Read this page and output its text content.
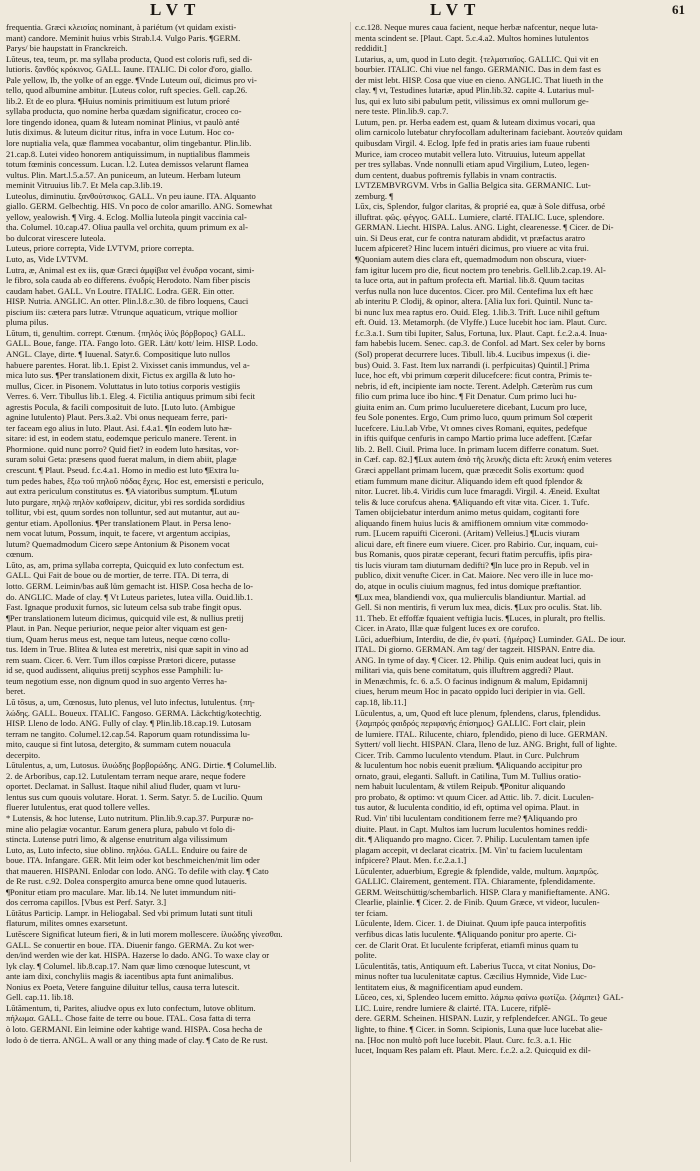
LVT	LVT	61
frequentia. Græci κλεισίας nominant, à pariétum (vt quidam existi-
mant) candore. Meminit huius vrbis Strab.l.4. Vulgo Paris. ¶GERM.
Parys/ bie haupstatt in Franckreich.
Lŭteus, tea, teum, pr. ma syllaba producta, Quod est coloris rufi, sed di-
lutioris. ξανθός κρόκινος. GALL. Iaune. ITALIC. Di color d'oro, giallo.
Pale yellow, Ib, the yolke of an egge. ¶Vnde Luteum ouï, dicimus pro vi-
tello, quod albumine ambitur. [Luteus color, ruft species. Gell. cap.26.
lib.2. Et de eo plura. ¶Huius nominis primitiuum est lutum prioré
syllaba producta, quo nomine herba quædam significatur, croceo co-
lore tingendo idonea, quam & luteam nominat Plinius, vt paulò anté
lutis diximus. & luteum dicitur ritus, infra in voce Lutum. Hoc co-
lore nuptialia vela, quæ flammea vocabantur, olim tingebantur. Plin.lib.
21.cap.8. Lutei video honorem antiquissimum, in nuptialibus flammeis
totum fœminis concessum. Lucan. l.2. Lutea demissos velarunt flamea
vultus. Plin. Mart.l.5.a.57. An puniceum, an luteum. Herbam luteum
meminit Vitruuius lib.7. Et Mela cap.3.lib.19.
Luteolus, diminutiu. ξανθούτσικος. GALL. Vn peu iaune. ITA. Alquanto
giallo. GERM. Gelbechtig. HIS. Vn poco de color amarillo. ANG. Somewhat
yellow, yealowish. ¶ Virg. 4. Eclog. Mollia luteola pingit vaccinia cal-
tha. Columel. 10.cap.47. Oliua paulla vel orchita, quum primum ex al-
bo dulcorat virescere luteola.
Luteus, priore correpta, Vide LVTVM, priore correpta.
Luto, as, Vide LVTVM.
Lutra, æ, Animal est ex iis, quæ Græci ἀμφίβια vel ἐνυδρα vocant, simi-
le fibro, sola cauda ab eo differens. ἐνυδρίς Herodoto. Nam fiber piscis
caudam habet. GALL. Vn Loutre. ITALIC. Lodra. GER. Ein otter.
HISP. Nutria. ANGLIC. An otter. Plin.l.8.c.30. de fibro loquens, Cauci
piscium iis: cætera pars lutræ. Vtrunque aquaticum, vtrique mollior
pluma pilus.
Lŭtum, ti, genultim. corrept. Cœnum. {πηλός ἰλύς βόρβορος} GALL.
GALL. Boue, fange. ITA. Fango loto. GER. Lätt/ kott/ leim. HISP. Lodo.
ANGL. Claye, dirte. ¶ Iuuenal. Satyr.6. Compositique luto nullos
habuere parentes. Horat. lib.1. Epist 2. Vixisset canis immundus, vel a-
mica luto sus. ¶Per translationem dixit, Fictus ex argilla & luto ho-
mullus, Cicer. in Pisonem. Voluttatus in luto totius corporis vestigiis
Verres. 6. Verr. Tibullus lib.1. Eleg. 4. Fictilia antiquus primum sibi fecit
agrestis Pocula, & facili composituit de luto. [Luto luto. (Ambigue
agnine lutulento) Plaut. Pers.3.a2. Vbi onus nequeam ferre, pari-
ter faceam ego alius in luto. Plaut. Asi. f.4.a1. ¶In eodem luto hæ-
sitare: id est, in eodem statu, eodemque periculo manere. Terent. in
Phormione. quid nunc porro? Quid fiet? in eodem luto hæsitas, vor-
suram solui Geta: præsens quod fuerat malum, in diem abiit, plagæ
crescunt. ¶ Plaut. Pseud. f.c.4.a1. Homo in medio est luto ¶Extra lu-
tum pedes habes, ἔξω τοῦ πηλοῦ πόδας ἔχεις. Hoc est, emersisti e periculo,
aut extra periculum constitutus es. ¶A viatoribus sumptum. ¶Lutum
luto purgare, πηλῷ πηλὸν καθαίρειν, dicitur, ybi res sordida sordidius
tollitur, vbi est, quum sordes non tolluntur, sed aut mutantur, aut au-
gentur etiam. Apollonius. ¶Per translationem Plaut. in Persa leno-
nem vocat lutum, Possum, inquit, te facere, vt argentum accipias,
lutum? Quemadmodum Cicero sæpe Antonium & Pisonem vocat
cœnum.
Lŭto, as, am, prima syllaba correpta, Quicquid ex luto confectum est.
GALL. Qui Fait de boue ou de mortier, de terre. ITA. Di terra, di
lotto. GERM. Leimin/bas auß lüm gemacht ist. HISP. Cosa hecha de lo-
do. ANGLIC. Made of clay. ¶ Vt Luteus parietes, lutea villa. Ouid.lib.1.
Fast. Ignaque produxit furnos, sic luteum celsa sub trabe fingit opus.
¶Per translationem luteum dicimus, quicquid vile est, & nullius pretij
Plaut. in Pan. Neque periurior, neque peior alter viquam est gen-
tium, Quam herus meus est, neque tam luteus, neque cœno collu-
tus. Idem in True. Blitea & lutea est meretrix, nisi quæ sapit in vino ad
rem suam. Cicer. 6. Verr. Tum illos cœpisse Prætori dicere, putasse
id se, quod audissent, aliquius pretij scyphos esse Pamphili: lu-
teum negotium esse, non dignum quod in suo argento Verres ha-
beret.
Lŭ tōsus, a, um, Cœnosus, luto plenus, vel luto infectus, lutulentus. {πη-
λώδης. GALL. Boueux. ITALIC. Fangoso. GERMA. Läckchtig/kotechtig.
HISP. Lleno de lodo. ANG. Fully of clay. ¶ Plin.lib.18.cap.19. Lutosam
terram ne tangito. Columel.12.cap.54. Raporum quam rotundissima lu-
mito, cauque si fint lutosa, detergito, & summam cutem nouacula
decerpito.
Lŭtulentus, a, um, Lutosus. ἰλυώδης βορβορώδης. ANG. Dirtie. ¶ Columel.lib.
2. de Arboribus, cap.12. Lutulentam terram neque arare, neque fodere
oportet. Declamat. in Sallust. Itaque nihil aliud fluder, quam vt luru-
lentus sus cum quouis volutare. Horat. 1. Serm. Satyr. 5. de Lucilio. Quum
fluerer lutulentus, erat quod tollere velles.
* Lutensis, & hoc lutense, Luto nutritum. Plin.lib.9.cap.37. Purpuræ no-
mine alio pelagiæ vocantur. Earum genera plura, pabulo vt folo di-
stincta. Lutense putri limo, & algense enutritum alga vilissimum
Luto, as, Luto infecto, siue oblino. πηλόω. GALL. Enduire ou faire de
boue. ITA. Infangare. GER. Mit leim oder kot beschmeichen/mit lim oder
that maueren. HISPANI. Enlodar con lodo. ANG. To defile with clay. ¶ Cato
de Re rust. c.92. Dolea conspergito amurca bene omne quod lutaueris.
¶Ponitur etiam pro maculare. Mar. lib.14. Ne lutet immundum niti-
dos cerroma capillos. [Vbus est Perf. Satyr. 3.]
Lŭtātus Particip. Lampr. in Heliogabal. Sed vbi primum lutati sunt tituli
flaturum, milites omnes exarsetunt.
Lutēscere Significat luteum fieri, & in luti morem mollescere. ἰλυώδης γίνεσθαι.
GALL. Se conuertir en boue. ITA. Diuenir fango. GERMA. Zu kot wer-
den/ind werden wie der kat. HISPA. Hazerse lo dado. ANG. To waxe clay or
lyk clay. ¶ Columel. lib.8.cap.17. Nam quæ limo cœnoque lutescunt, vt
ante iam dixi, conchyliis magis & iacentibus apta funt animalibus.
Nonius ex Poeta, Vetere fanguine diluitur tellus, causa terra lutescit.
Gell. cap.11. lib.18.
Lŭtāmentum, ti, Parites, aliudve opus ex luto confectum, lutove oblitum.
πήλωμα. GALL. Chose faite de terre ou boue. ITAL. Cosa fatta di terra
ò loto. GERMANI. Ein leimine oder kahtige wand. HISPA. Cosa hecha de
lodo ò de tierra. ANGL. A wall or any thing made of clay. ¶ Cato de Re rust.
c.c.128. Neque mures caua facient, neque herbæ nafcentur, neque luta-
menta scindent se. [Plaut. Capt. 5.c.4.a2. Multos homines lutulentos
reddidit.]
Lutarius, a, um, quod in Luto degit. {τελματιαῖος. GALLIC. Qui vit en
bourbier. ITALIC. Chi viue nel fango. GERMANIC. Das in dem fast es
der mist lebt. HISP. Cosa que viue en cieno. ANGLIC. That liueth in the
clay. ¶ vt, Testudines lutariæ, apud Plin.lib.32. capite 4. Lutarius mul-
lus, qui ex luto sibi pabulum petit, vilissimus ex omni mullorum ge-
nere teste. Plin.lib.9. cap.7.
Lutum, pen. pr. Herba eadem est, quam & luteam diximus vocari, qua
olim carnicolo lutebatur chryfocollam adulterinam faciebant. λουτεόν quidam
quibusdam Virgil. 4. Eclog. Ipfe fed in pratis aries iam fuaue rubenti
Murice, iam croceo mutabit vellera luto. Vitruuius, luteum appellat
per tres syllabas. Vnde nonnulli etiam apud Virgilium, Luteo, legen-
dum centent, duabus poftremis fyllabis in vnam contractis.
LVTZEMBVRGVM. Vrbs in Gallia Belgica sita. GERMANIC. Lut-
zemburg. ¶
Lūx, cis, Splendor, fulgor claritas, & proprié ea, quæ à Sole diffusa, orbé
illuftrat. φῶς. φέγγος. GALL. Lumiere, clarté. ITALIC. Luce, splendore.
GERMAN. Liecht. HISPA. Lalus. ANG. Light, clearenesse. ¶ Cicer. de Di-
uin. Si Deus erat, cur fe contra naturam abdidit, vt præfactus aratro
lucem afpiceret? Hinc lucem intuéri dicimus, pro viuere ac vita frui.
¶Quoniam autem dies clara eft, quemadmodum non obscura, viuer-
fam igitur lucem pro die, ficut noctem pro tenebris. Gell.lib.2.cap.19. Al-
ta luce orta, aut in paftum profecta eft. Martial. lib.8. Quum tacitas
verfus nulla non luce ducentos. Cicer. pro Mil. Centefima lux eft hæc
ab interitu P. Clodij, & opinor, altera. [Alia lux fori. Quintil. Nunc ta-
bi nunc lux mea raptus ero. Ouid. Eleg. 1.lib.3. Trift. Luce nihil geftum
eft. Ouid. 13. Metamorph. (de Vlyffe.) Luce lucebit hoc iam. Plaut. Curc.
f.c.3.a.1. Sum tibi Iupiter, Salus, Fortuna, lux. Plaut. Capt. f.c.2.a.4. Inua-
fam habebis lucem. Senec. cap.3. de Confol. ad Mart. Sex celer by borns
(Sol) properat decurrere luces. Tibull. lib.4. Lucibus impexus (i. die-
bus) Ouid. 3. Fast. Item lux narrandi (i. perfpicuitas) Quintil.] Prima
luce, hoc eft, vbi primum cœperit dilucefcere: ficut contra, Primis te-
nebris, id eft, incipiente iam nocte. Terent. Adelph. Cæterùm rus cum
filio cum prima luce ibo hinc. ¶ Fit Denatur. Cum primo luci hu-
giuita enim an. Cum primo luculueretere dicebant, Lucum pro luce,
feu Sole ponentes. Ergo, Cum primo luco, quum primum Sol cœperit
lucefcere. Liu.l.ab Vrbe, Vt omnes cives Romani, equites, pedefque
in iftis quifque cenfuris in campo Martio prima luce adeffent. [Cæfar
lib. 2. Bell. Ciuil. Prima luce. In primam lucem differre conatum. Suet.
in Cæf. cap. 82.] ¶Lux autem ἀπὸ τῆς λευκῆς dicta eft: λευκὴ enim veteres
Græci appellant primam lucem, quæ præcedit Solis exortum: quod
etiam fummum mane dicitur. Aliquando idem eft quod fplendor &
nitor. Lucret. lib.4. Viridis cum luce fmaragdi. Virgil. 4. Æneid. Exultat
telis & luce corufcus ahena. ¶Aliquando eft vitæ vita. Cicer. 1. Tufc.
Tamen obijciebatur interdum animo metus quidam, cogitanti fore
aliquando finem huius lucis & amiffionem omnium vitæ commodo-
rum. [Lucem rapuifti Ciceroni. (Aritam) Velleius.] ¶Lucis viuram
alicui dare, eft finere eum viuere. Cicer. pro Rabirio. Cur, inquam, cui-
bus Romanis, quos piratæ ceperant, fecuri ftatim percuffis, ipfis pira-
tis lucis viuram tam diuturnam dedifti? ¶In luce pro in Repub. vel in
publico, dixit venufte Cicer. in Cat. Maiore. Nec vero ille in luce mo-
do, atque in oculis ciuium magnus, fed intus domique præftantior.
¶Lux mea, blandiendi vox, qua mulierculis blandiuntur. Martial. ad
Gell. Si non mentiris, fi verum lux mea, dicis. ¶Lux pro oculis. Stat. lib.
11. Theb. Et effoffæ fquaient veftigia lucis. ¶Luces, in pluralt, pro ftellis.
Cicer. in Arato, Illæ quæ fulgent luces ex ore corufco.
Lūci, adueŕbium, Interdiu, de die, ἐν φωτί. {ἡμέρας} Luminder. GAL. De iour.
ITAL. Di giorno. GERMAN. Am tag/ der tagzeit. HISPAN. Entre dia.
ANG. In tyme of day. ¶ Cicer. 12. Philip. Quis enim audeat luci, quis in
militari via, quis bene comitatum, quis illuftrem aggredi? Plaut.
in Menæchmis, fc. 6. a.5. O facinus indignum & malum, Epidamnij
ciues, herum meum Hoc in pacato oppido luci deripier in via. Gell.
cap.18, lib.11.]
Lūculentus, a, um, Quod eft luce plenum, fplendens, clarus, fplendidus.
{λαμπρός φαιδρός περιφανής ἐπίσημος} GALLIC. Fort clair, plein
de lumiere. ITAL. Rilucente, chiaro, fplendido, pieno di luce. GERMAN.
Syttert/ voll liecht. HISPAN. Clara, lleno de luz. ANG. Bright, full of lighte.
Cicer. Trib. Cammo luculento vtendum. Plaut. in Curc. Pulchrum
& luculentum hoc nobis euenit prælium. ¶Aliquando accipitur pro
ornato, graui, eleganti. Salluft. in Catilina, Tum M. Tullius oratio-
nem habuit luculentam, & vtilem Reipub. ¶Ponitur aliquando
pro probato, & optimo: vt quum Cicer. ad Attic. lib. 7. dicit. Luculen-
tus autor, & luculenta conditio, id eft, optima vel opima. Plaut. in
Rud. Vin' tibi luculentam conditionem ferre me? ¶Aliquando pro
diuite. Plaut. in Capt. Multos iam lucrum luculentos homines reddi-
dit. ¶ Aliquando pro magno. Cicer. 7. Philip. Luculentam tamen ipfe
plagam accepit, vt declarat cicatrix. [M. Vin' tu faciem luculentam
infpicere? Plaut. Men. f.c.2.a.1.]
Lūculenter, aduerbium, Egregie & fplendide, valde, multum. λαμπρῶς.
GALLIC. Clairement, gentement. ITA. Chiaramente, fplendidamente.
GERM. Weitschüttig/schembarlich. HISP. Clara y manifieftamente. ANG.
Clearlie, plainlie. ¶ Cicer. 2. de Finib. Quum Græce, vt videor, luculen-
ter fciam.
Lūculente, Idem. Cicer. 1. de Diuinat. Quum ipfe pauca interpofitis
verfibus dicas latis luculente. ¶Aliquando ponitur pro aperte. Ci-
cer. de Clarit Orat. Et luculente fcripferat, etiamfi minus quam tu
polite.
Lūculentitās, tatis, Antiquum eft. Laberius Tucca, vt citat Nonius, Do-
minus nofter tua luculenitatæ captus. Cæcilius Hymnide, Vide Luc-
lentitatem eius, & magnificentiam apud eundem.
Lūceo, ces, xi, Splendeo lucem emitto. λάμπω φαίνω φωτίζω. {λάμπει} GAL-
LIC. Luire, rendre lumiere & clairté. ITA. Lucere, rifplē-
dere. GERM. Scheinen. HISPAN. Luzir, y refplendefcer. ANGL. To geue
lighte, to fhine. ¶ Cicer. in Somn. Scipionis, Luna quæ luce lucebat alie-
na. [Hoc non multò poft luce lucebit. Plaut. Curc. fc.3. a.1. Hic
lucet, Inquam Res palam eft. Plaut. Merc. f.c.2. a.2. Quicquid ex dil-
